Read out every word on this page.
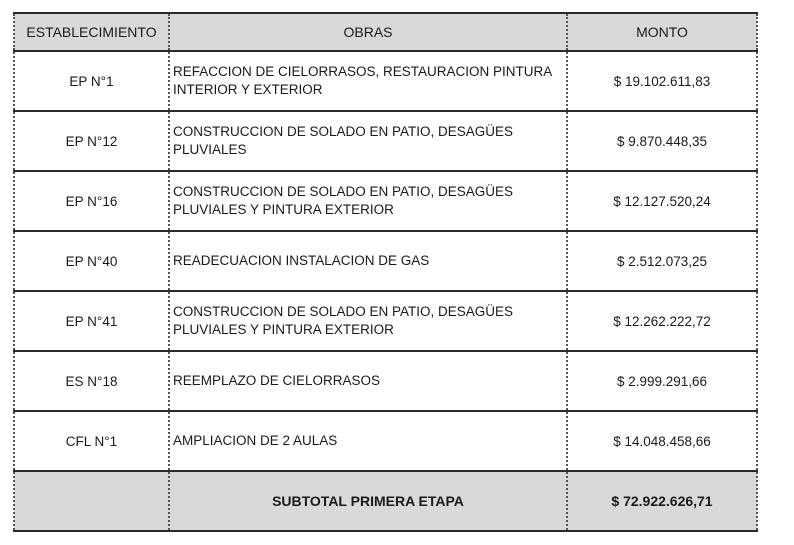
ESTABLECIMIENTO	OBRAS	MONTO
EP N°1	REFACCION DE CIELORRASOS, RESTAURACION PINTURA INTERIOR Y EXTERIOR	$ 19.102.611,83
EP N°12	CONSTRUCCION DE SOLADO EN PATIO, DESAGÜES PLUVIALES	$ 9.870.448,35
EP N°16	CONSTRUCCION DE SOLADO EN PATIO, DESAGÜES PLUVIALES Y PINTURA EXTERIOR	$ 12.127.520,24
EP N°40	READECUACION INSTALACION DE GAS	$ 2.512.073,25
EP N°41	CONSTRUCCION DE SOLADO EN PATIO, DESAGÜES PLUVIALES Y PINTURA EXTERIOR	$ 12.262.222,72
ES N°18	REEMPLAZO DE CIELORRASOS	$ 2.999.291,66
CFL N°1	AMPLIACION DE 2 AULAS	$ 14.048.458,66
	SUBTOTAL PRIMERA ETAPA	$ 72.922.626,71
